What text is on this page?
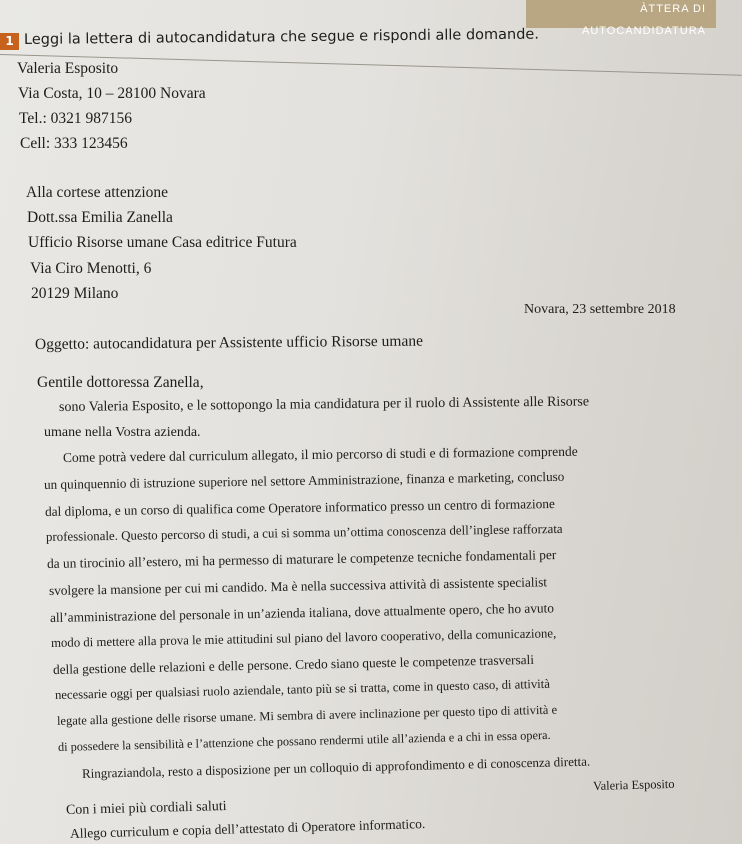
ÀTTERA DI AUTOCANDIDATURA
1 Leggi la lettera di autocandidatura che segue e rispondi alle domande.
Valeria Esposito
Via Costa, 10 – 28100 Novara
Tel.: 0321 987156
Cell: 333 123456
Alla cortese attenzione
Dott.ssa Emilia Zanella
Ufficio Risorse umane Casa editrice Futura
Via Ciro Menotti, 6
20129 Milano
Novara, 23 settembre 2018
Oggetto: autocandidatura per Assistente ufficio Risorse umane
Gentile dottoressa Zanella,
sono Valeria Esposito, e le sottopongo la mia candidatura per il ruolo di Assistente alle Risorse
umane nella Vostra azienda.
Come potrà vedere dal curriculum allegato, il mio percorso di studi e di formazione comprende
un quinquennio di istruzione superiore nel settore Amministrazione, finanza e marketing, concluso
dal diploma, e un corso di qualifica come Operatore informatico presso un centro di formazione
professionale. Questo percorso di studi, a cui si somma un’ottima conoscenza dell’inglese rafforzata
da un tirocinio all’estero, mi ha permesso di maturare le competenze tecniche fondamentali per
svolgere la mansione per cui mi candido. Ma è nella successiva attività di assistente specialist
all’amministrazione del personale in un’azienda italiana, dove attualmente opero, che ho avuto
modo di mettere alla prova le mie attitudini sul piano del lavoro cooperativo, della comunicazione,
della gestione delle relazioni e delle persone. Credo siano queste le competenze trasversali
necessarie oggi per qualsiasi ruolo aziendale, tanto più se si tratta, come in questo caso, di attività
legate alla gestione delle risorse umane. Mi sembra di avere inclinazione per questo tipo di attività e
di possedere la sensibilità e l’attenzione che possano rendermi utile all’azienda e a chi in essa opera.
Ringraziandola, resto a disposizione per un colloquio di approfondimento e di conoscenza diretta.
Valeria Esposito
Con i miei più cordiali saluti
Allego curriculum e copia dell’attestato di Operatore informatico.
